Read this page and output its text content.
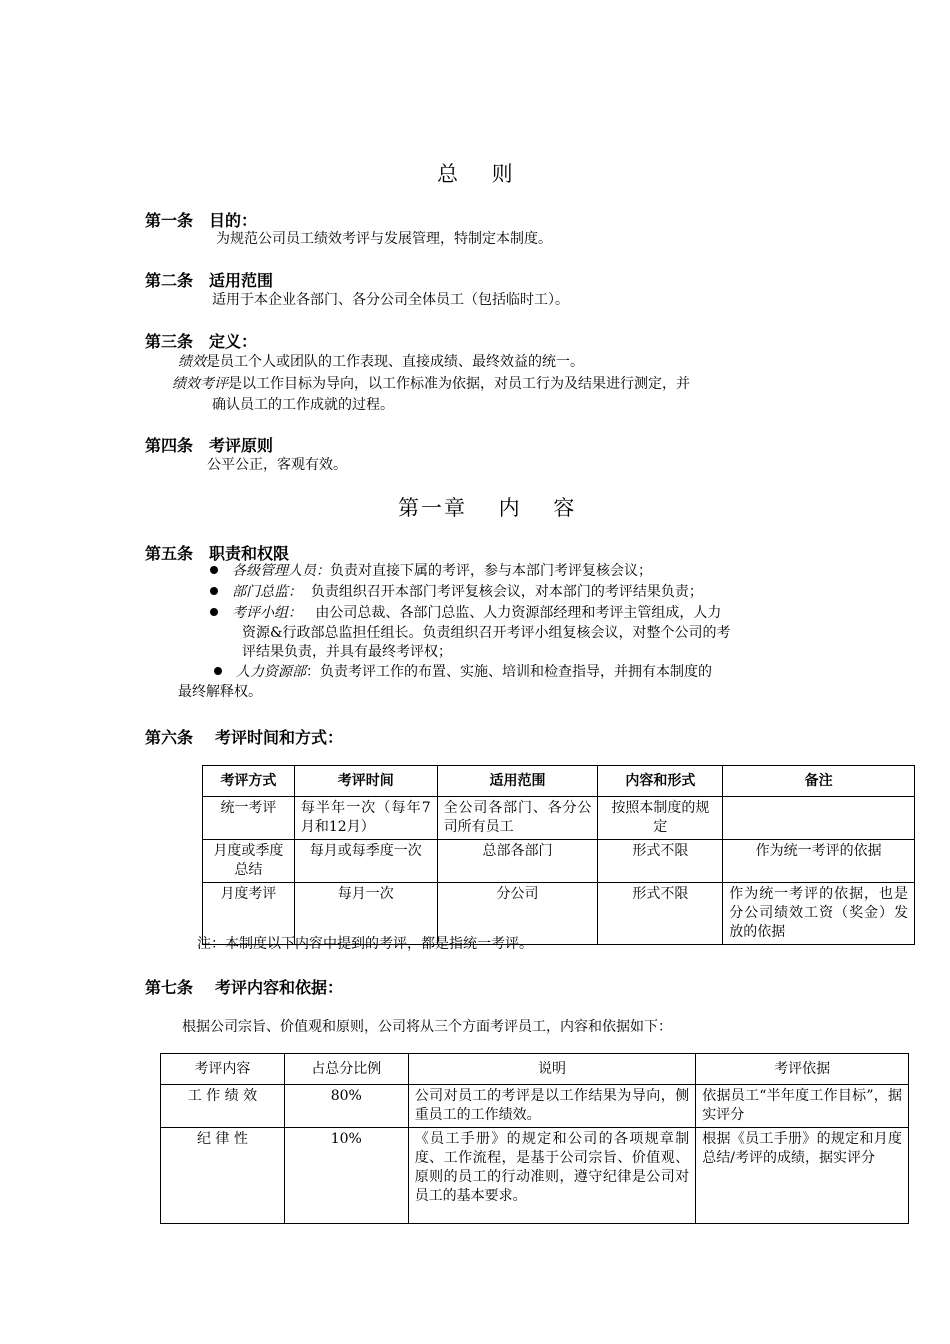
总　 则
第一条 目的：
为规范公司员工绩效考评与发展管理，特制定本制度。
第二条 适用范围
适用于本企业各部门、各分公司全体员工（包括临时工）。
第三条 定义：
绩效是员工个人或团队的工作表现、直接成绩、最终效益的统一。
绩效考评是以工作目标为导向，以工作标准为依据，对员工行为及结果进行测定，并
确认员工的工作成就的过程。
第四条 考评原则
公平公正，客观有效。
第一章　 内　 容
第五条 职责和权限
各级管理人员：负责对直接下属的考评，参与本部门考评复核会议；
部门总监： 负责组织召开本部门考评复核会议，对本部门的考评结果负责；
考评小组： 由公司总裁、各部门总监、人力资源部经理和考评主管组成，人力
资源&行政部总监担任组长。负责组织召开考评小组复核会议，对整个公司的考
评结果负责，并具有最终考评权；
人力资源部：负责考评工作的布置、实施、培训和检查指导，并拥有本制度的
最终解释权。
第六条 考评时间和方式：
考评方式	考评时间	适用范围	内容和形式	备注
统一考评	每半年一次（每年7月和12月）	全公司各部门、各分公司所有员工	按照本制度的规定	
月度或季度总结	每月或每季度一次	总部各部门	形式不限	作为统一考评的依据
月度考评	每月一次	分公司	形式不限	作为统一考评的依据，也是分公司绩效工资（奖金）发放的依据
注：本制度以下内容中提到的考评，都是指统一考评。
第七条 考评内容和依据：
根据公司宗旨、价值观和原则，公司将从三个方面考评员工，内容和依据如下：
考评内容	占总分比例	说明	考评依据
工 作 绩 效	80%	公司对员工的考评是以工作结果为导向，侧重员工的工作绩效。	依据员工“半年度工作目标”，据实评分
纪 律 性	10%	《员工手册》的规定和公司的各项规章制度、工作流程，是基于公司宗旨、价值观、原则的员工的行动准则，遵守纪律是公司对员工的基本要求。	根据《员工手册》的规定和月度总结/考评的成绩，据实评分
